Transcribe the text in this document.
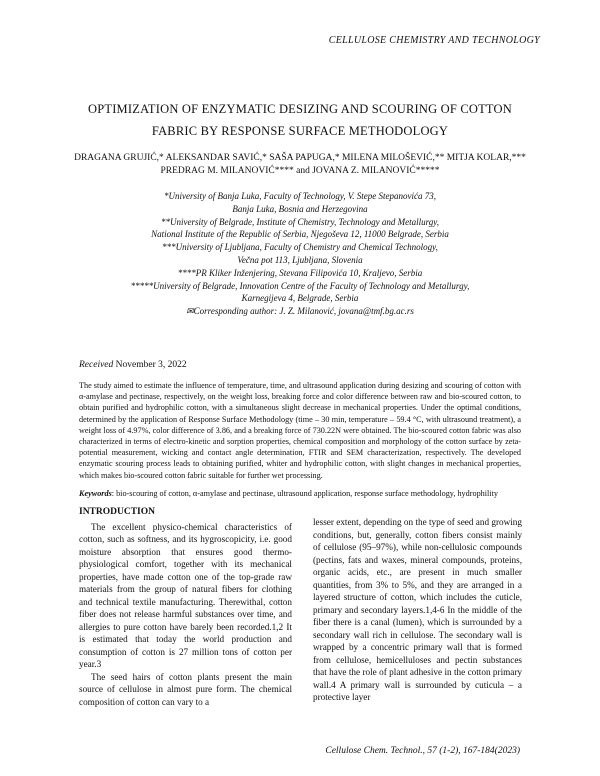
CELLULOSE CHEMISTRY AND TECHNOLOGY
OPTIMIZATION OF ENZYMATIC DESIZING AND SCOURING OF COTTON
FABRIC BY RESPONSE SURFACE METHODOLOGY
DRAGANA GRUJIĆ,* ALEKSANDAR SAVIĆ,* SAŠA PAPUGA,* MILENA MILOŠEVIĆ,** MITJA KOLAR,*** PREDRAG M. MILANOVIĆ**** and JOVANA Z. MILANOVIĆ*****
*University of Banja Luka, Faculty of Technology, V. Stepe Stepanovića 73,
Banja Luka, Bosnia and Herzegovina
**University of Belgrade, Institute of Chemistry, Technology and Metallurgy,
National Institute of the Republic of Serbia, Njegoševa 12, 11000 Belgrade, Serbia
***University of Ljubljana, Faculty of Chemistry and Chemical Technology,
Večna pot 113, Ljubljana, Slovenia
****PR Kliker Inženjering, Stevana Filipovića 10, Kraljevo, Serbia
*****University of Belgrade, Innovation Centre of the Faculty of Technology and Metallurgy,
Karnegijeva 4, Belgrade, Serbia
✉Corresponding author: J. Z. Milanović, jovana@tmf.bg.ac.rs
Received November 3, 2022
The study aimed to estimate the influence of temperature, time, and ultrasound application during desizing and scouring of cotton with α-amylase and pectinase, respectively, on the weight loss, breaking force and color difference between raw and bio-scoured cotton, to obtain purified and hydrophilic cotton, with a simultaneous slight decrease in mechanical properties. Under the optimal conditions, determined by the application of Response Surface Methodology (time – 30 min, temperature – 59.4 °C, with ultrasound treatment), a weight loss of 4.97%, color difference of 3.86, and a breaking force of 730.22N were obtained. The bio-scoured cotton fabric was also characterized in terms of electro-kinetic and sorption properties, chemical composition and morphology of the cotton surface by zeta-potential measurement, wicking and contact angle determination, FTIR and SEM characterization, respectively. The developed enzymatic scouring process leads to obtaining purified, whiter and hydrophilic cotton, with slight changes in mechanical properties, which makes bio-scoured cotton fabric suitable for further wet processing.
Keywords: bio-scouring of cotton, α-amylase and pectinase, ultrasound application, response surface methodology, hydrophility
INTRODUCTION

The excellent physico-chemical characteristics of cotton, such as softness, and its hygroscopicity, i.e. good moisture absorption that ensures good thermo-physiological comfort, together with its mechanical properties, have made cotton one of the top-grade raw materials from the group of natural fibers for clothing and technical textile manufacturing. Therewithal, cotton fiber does not release harmful substances over time, and allergies to pure cotton have barely been recorded.1,2 It is estimated that today the world production and consumption of cotton is 27 million tons of cotton per year.3

The seed hairs of cotton plants present the main source of cellulose in almost pure form. The chemical composition of cotton can vary to a

lesser extent, depending on the type of seed and growing conditions, but, generally, cotton fibers consist mainly of cellulose (95–97%), while non-cellulosic compounds (pectins, fats and waxes, mineral compounds, proteins, organic acids, etc., are present in much smaller quantities, from 3% to 5%, and they are arranged in a layered structure of cotton, which includes the cuticle, primary and secondary layers.1,4-6 In the middle of the fiber there is a canal (lumen), which is surrounded by a secondary wall rich in cellulose. The secondary wall is wrapped by a concentric primary wall that is formed from cellulose, hemicelluloses and pectin substances that have the role of plant adhesive in the cotton primary wall.4 A primary wall is surrounded by cuticula – a protective layer

Cellulose Chem. Technol., 57 (1-2), 167-184(2023)
